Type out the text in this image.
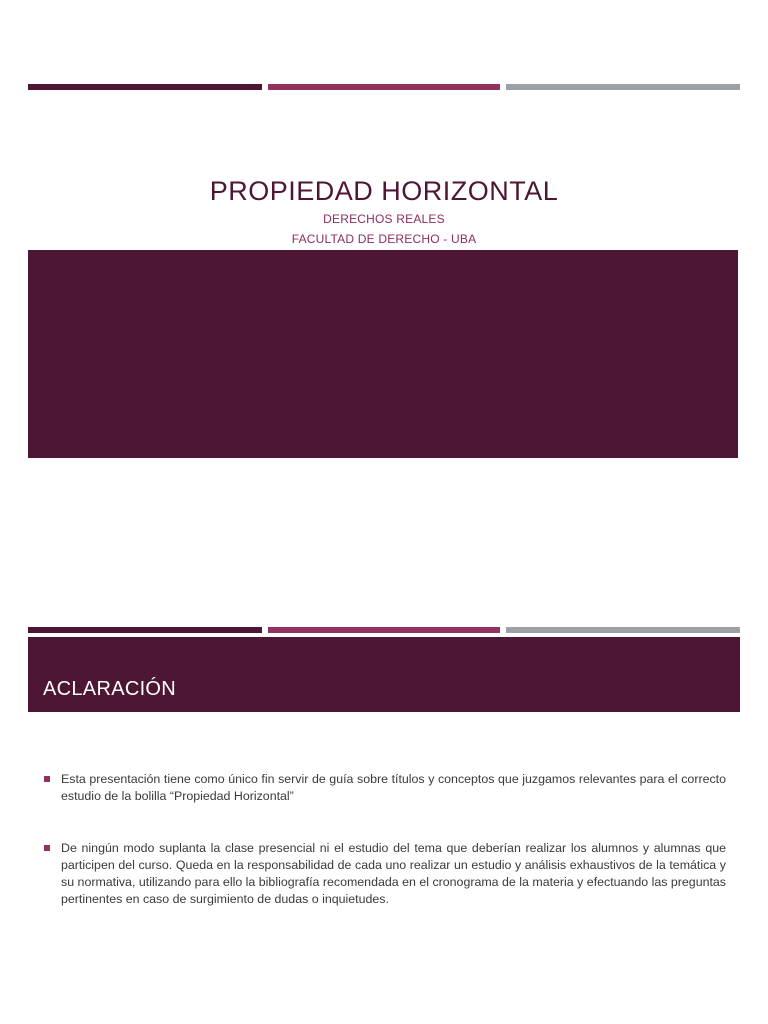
PROPIEDAD HORIZONTAL
DERECHOS REALES
FACULTAD DE DERECHO - UBA
ACLARACIÓN
Esta presentación tiene como único fin servir de guía sobre títulos y conceptos que juzgamos relevantes para el correcto estudio de la bolilla “Propiedad Horizontal”
De ningún modo suplanta la clase presencial ni el estudio del tema que deberían realizar los alumnos y alumnas que participen del curso. Queda en la responsabilidad de cada uno realizar un estudio y análisis exhaustivos de la temática y su normativa, utilizando para ello la bibliografía recomendada en el cronograma de la materia y efectuando las preguntas pertinentes en caso de surgimiento de dudas o inquietudes.
